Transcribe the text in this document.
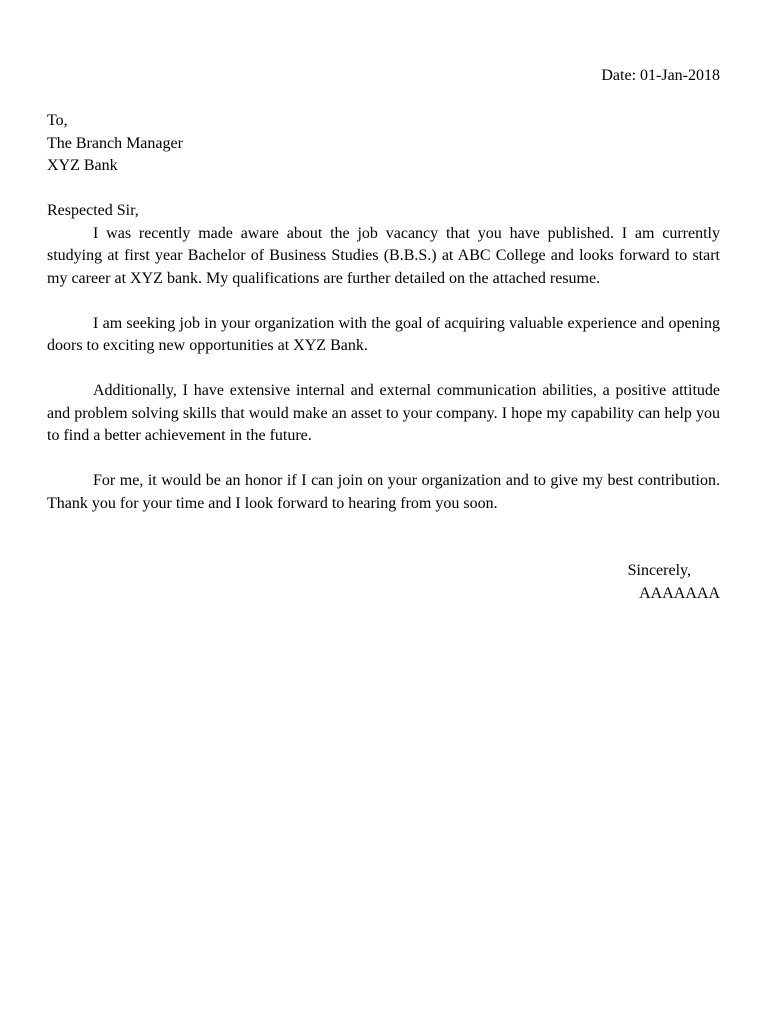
Date: 01-Jan-2018
To,
The Branch Manager
XYZ Bank
Respected Sir,

I was recently made aware about the job vacancy that you have published. I am currently studying at first year Bachelor of Business Studies (B.B.S.) at ABC College and looks forward to start my career at XYZ bank. My qualifications are further detailed on the attached resume.

I am seeking job in your organization with the goal of acquiring valuable experience and opening doors to exciting new opportunities at XYZ Bank.

Additionally, I have extensive internal and external communication abilities, a positive attitude and problem solving skills that would make an asset to your company. I hope my capability can help you to find a better achievement in the future.

For me, it would be an honor if I can join on your organization and to give my best contribution. Thank you for your time and I look forward to hearing from you soon.

Sincerely,
AAAAAAA
